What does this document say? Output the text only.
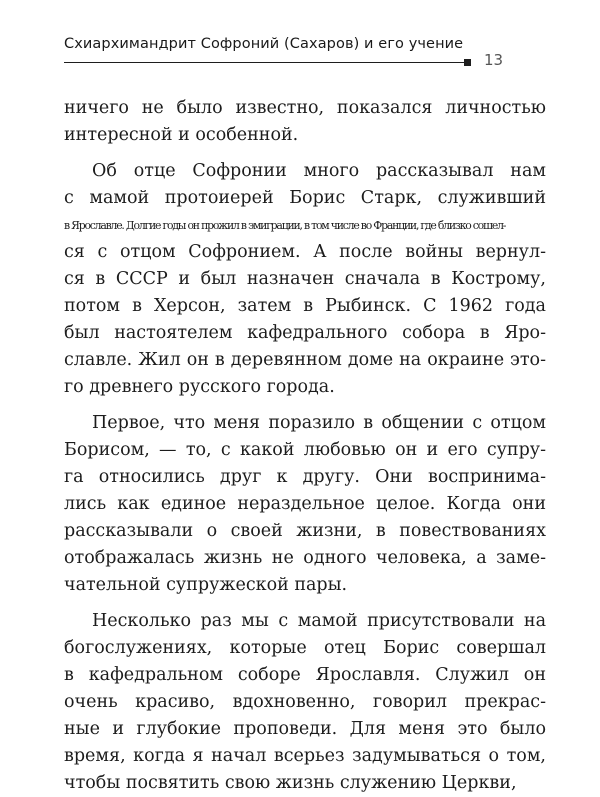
Схиархимандрит Софроний (Сахаров) и его учение
13
ничего не было известно, показался личностью
интересной и особенной.
Об отце Софронии много рассказывал нам
с мамой протоиерей Борис Старк, служивший
в Ярославле. Долгие годы он прожил в эмиграции, в том числе во Франции, где близко сошел-
ся с отцом Софронием. А после войны вернул-
ся в СССР и был назначен сначала в Кострому,
потом в Херсон, затем в Рыбинск. С 1962 года
был настоятелем кафедрального собора в Яро-
славле. Жил он в деревянном доме на окраине это-
го древнего русского города.
Первое, что меня поразило в общении с отцом
Борисом, — то, с какой любовью он и его супру-
га относились друг к другу. Они воспринима-
лись как единое нераздельное целое. Когда они
рассказывали о своей жизни, в повествованиях
отображалась жизнь не одного человека, а заме-
чательной супружеской пары.
Несколько раз мы с мамой присутствовали на
богослужениях, которые отец Борис совершал
в кафедральном соборе Ярославля. Служил он
очень красиво, вдохновенно, говорил прекрас-
ные и глубокие проповеди. Для меня это было
время, когда я начал всерьез задумываться о том,
чтобы посвятить свою жизнь служению Церкви,
